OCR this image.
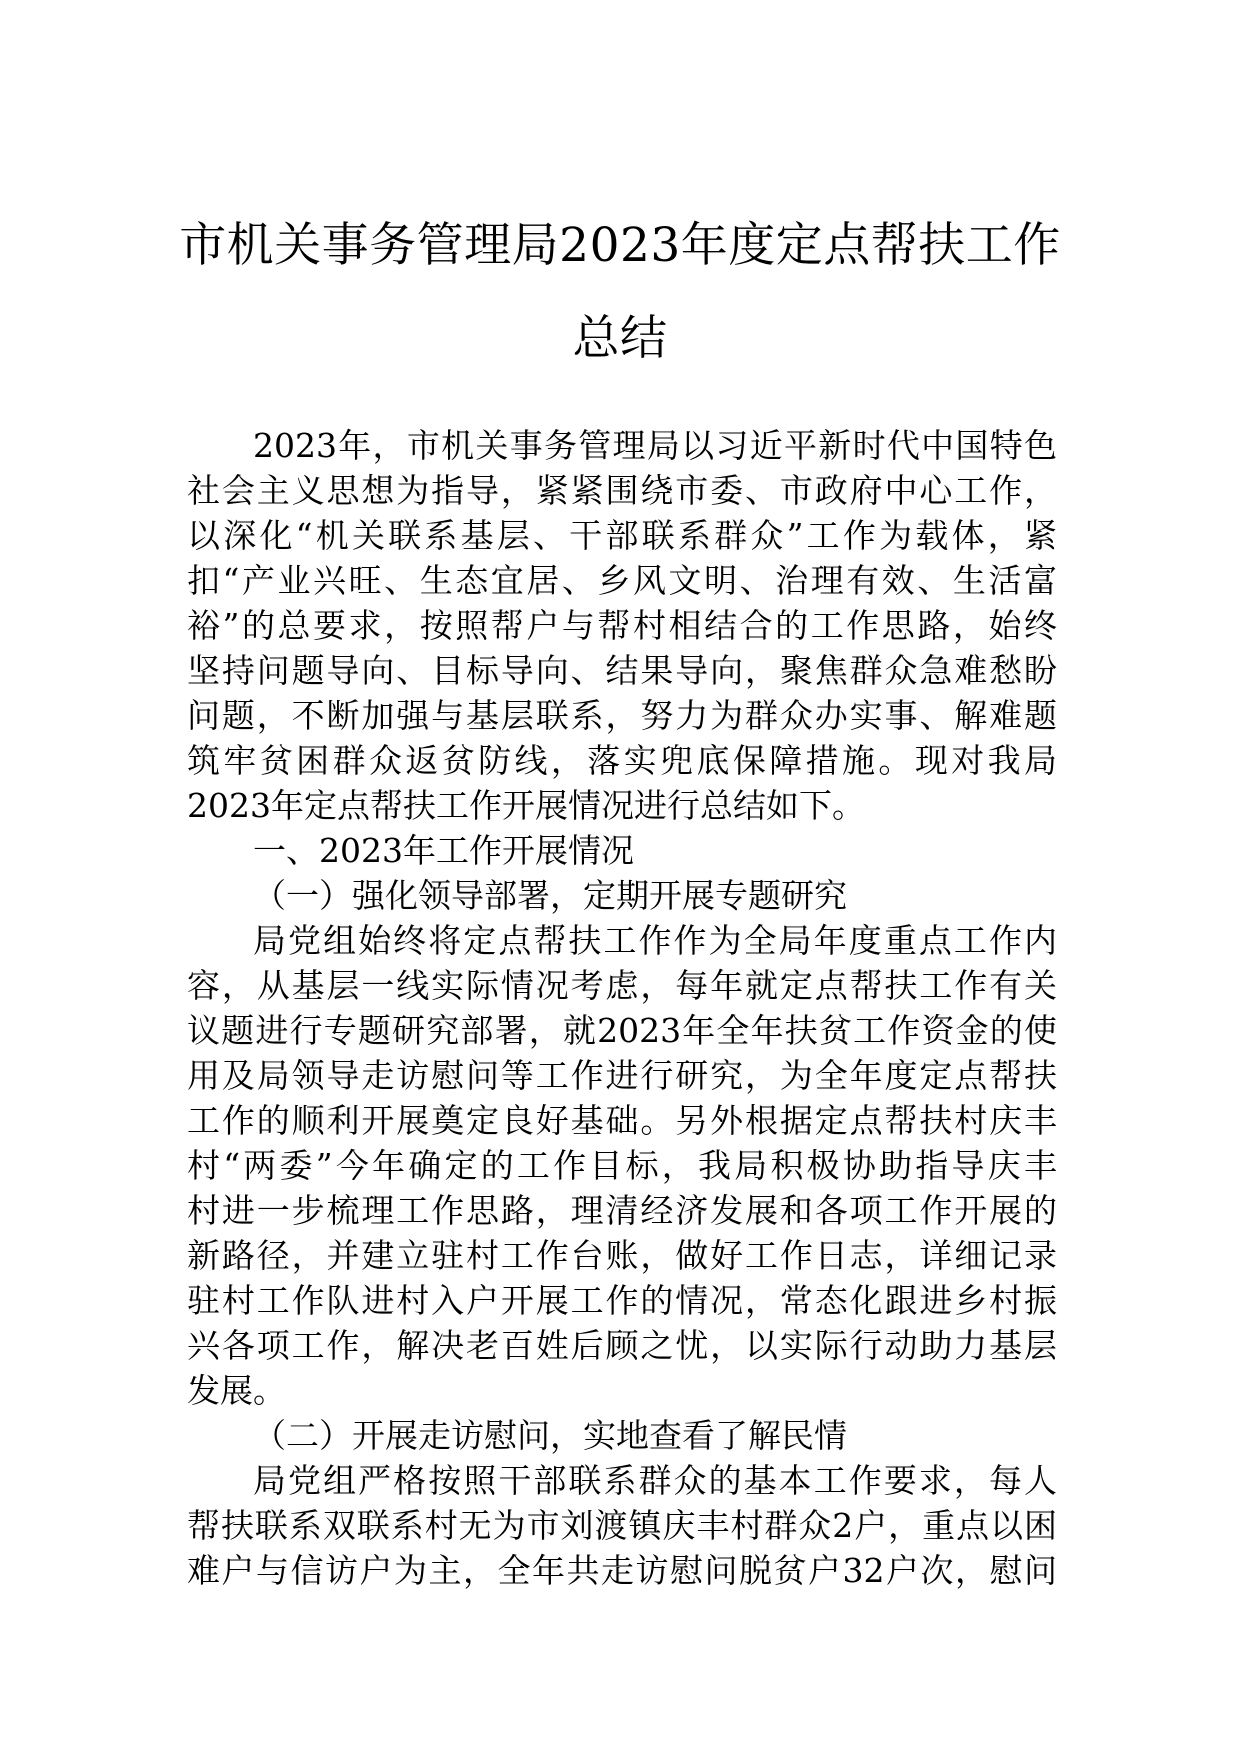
市机关事务管理局2023年度定点帮扶工作
总结
2023年，市机关事务管理局以习近平新时代中国特色
社会主义思想为指导，紧紧围绕市委、市政府中心工作，
以深化“机关联系基层、干部联系群众”工作为载体，紧
扣“产业兴旺、生态宜居、乡风文明、治理有效、生活富
裕”的总要求，按照帮户与帮村相结合的工作思路，始终
坚持问题导向、目标导向、结果导向，聚焦群众急难愁盼
问题，不断加强与基层联系，努力为群众办实事、解难题
筑牢贫困群众返贫防线，落实兜底保障措施。现对我局
2023年定点帮扶工作开展情况进行总结如下。
一、2023年工作开展情况
（一）强化领导部署，定期开展专题研究
局党组始终将定点帮扶工作作为全局年度重点工作内
容，从基层一线实际情况考虑，每年就定点帮扶工作有关
议题进行专题研究部署，就2023年全年扶贫工作资金的使
用及局领导走访慰问等工作进行研究，为全年度定点帮扶
工作的顺利开展奠定良好基础。另外根据定点帮扶村庆丰
村“两委”今年确定的工作目标，我局积极协助指导庆丰
村进一步梳理工作思路，理清经济发展和各项工作开展的
新路径，并建立驻村工作台账，做好工作日志，详细记录
驻村工作队进村入户开展工作的情况，常态化跟进乡村振
兴各项工作，解决老百姓后顾之忧，以实际行动助力基层
发展。
（二）开展走访慰问，实地查看了解民情
局党组严格按照干部联系群众的基本工作要求，每人
帮扶联系双联系村无为市刘渡镇庆丰村群众2户，重点以困
难户与信访户为主，全年共走访慰问脱贫户32户次，慰问
